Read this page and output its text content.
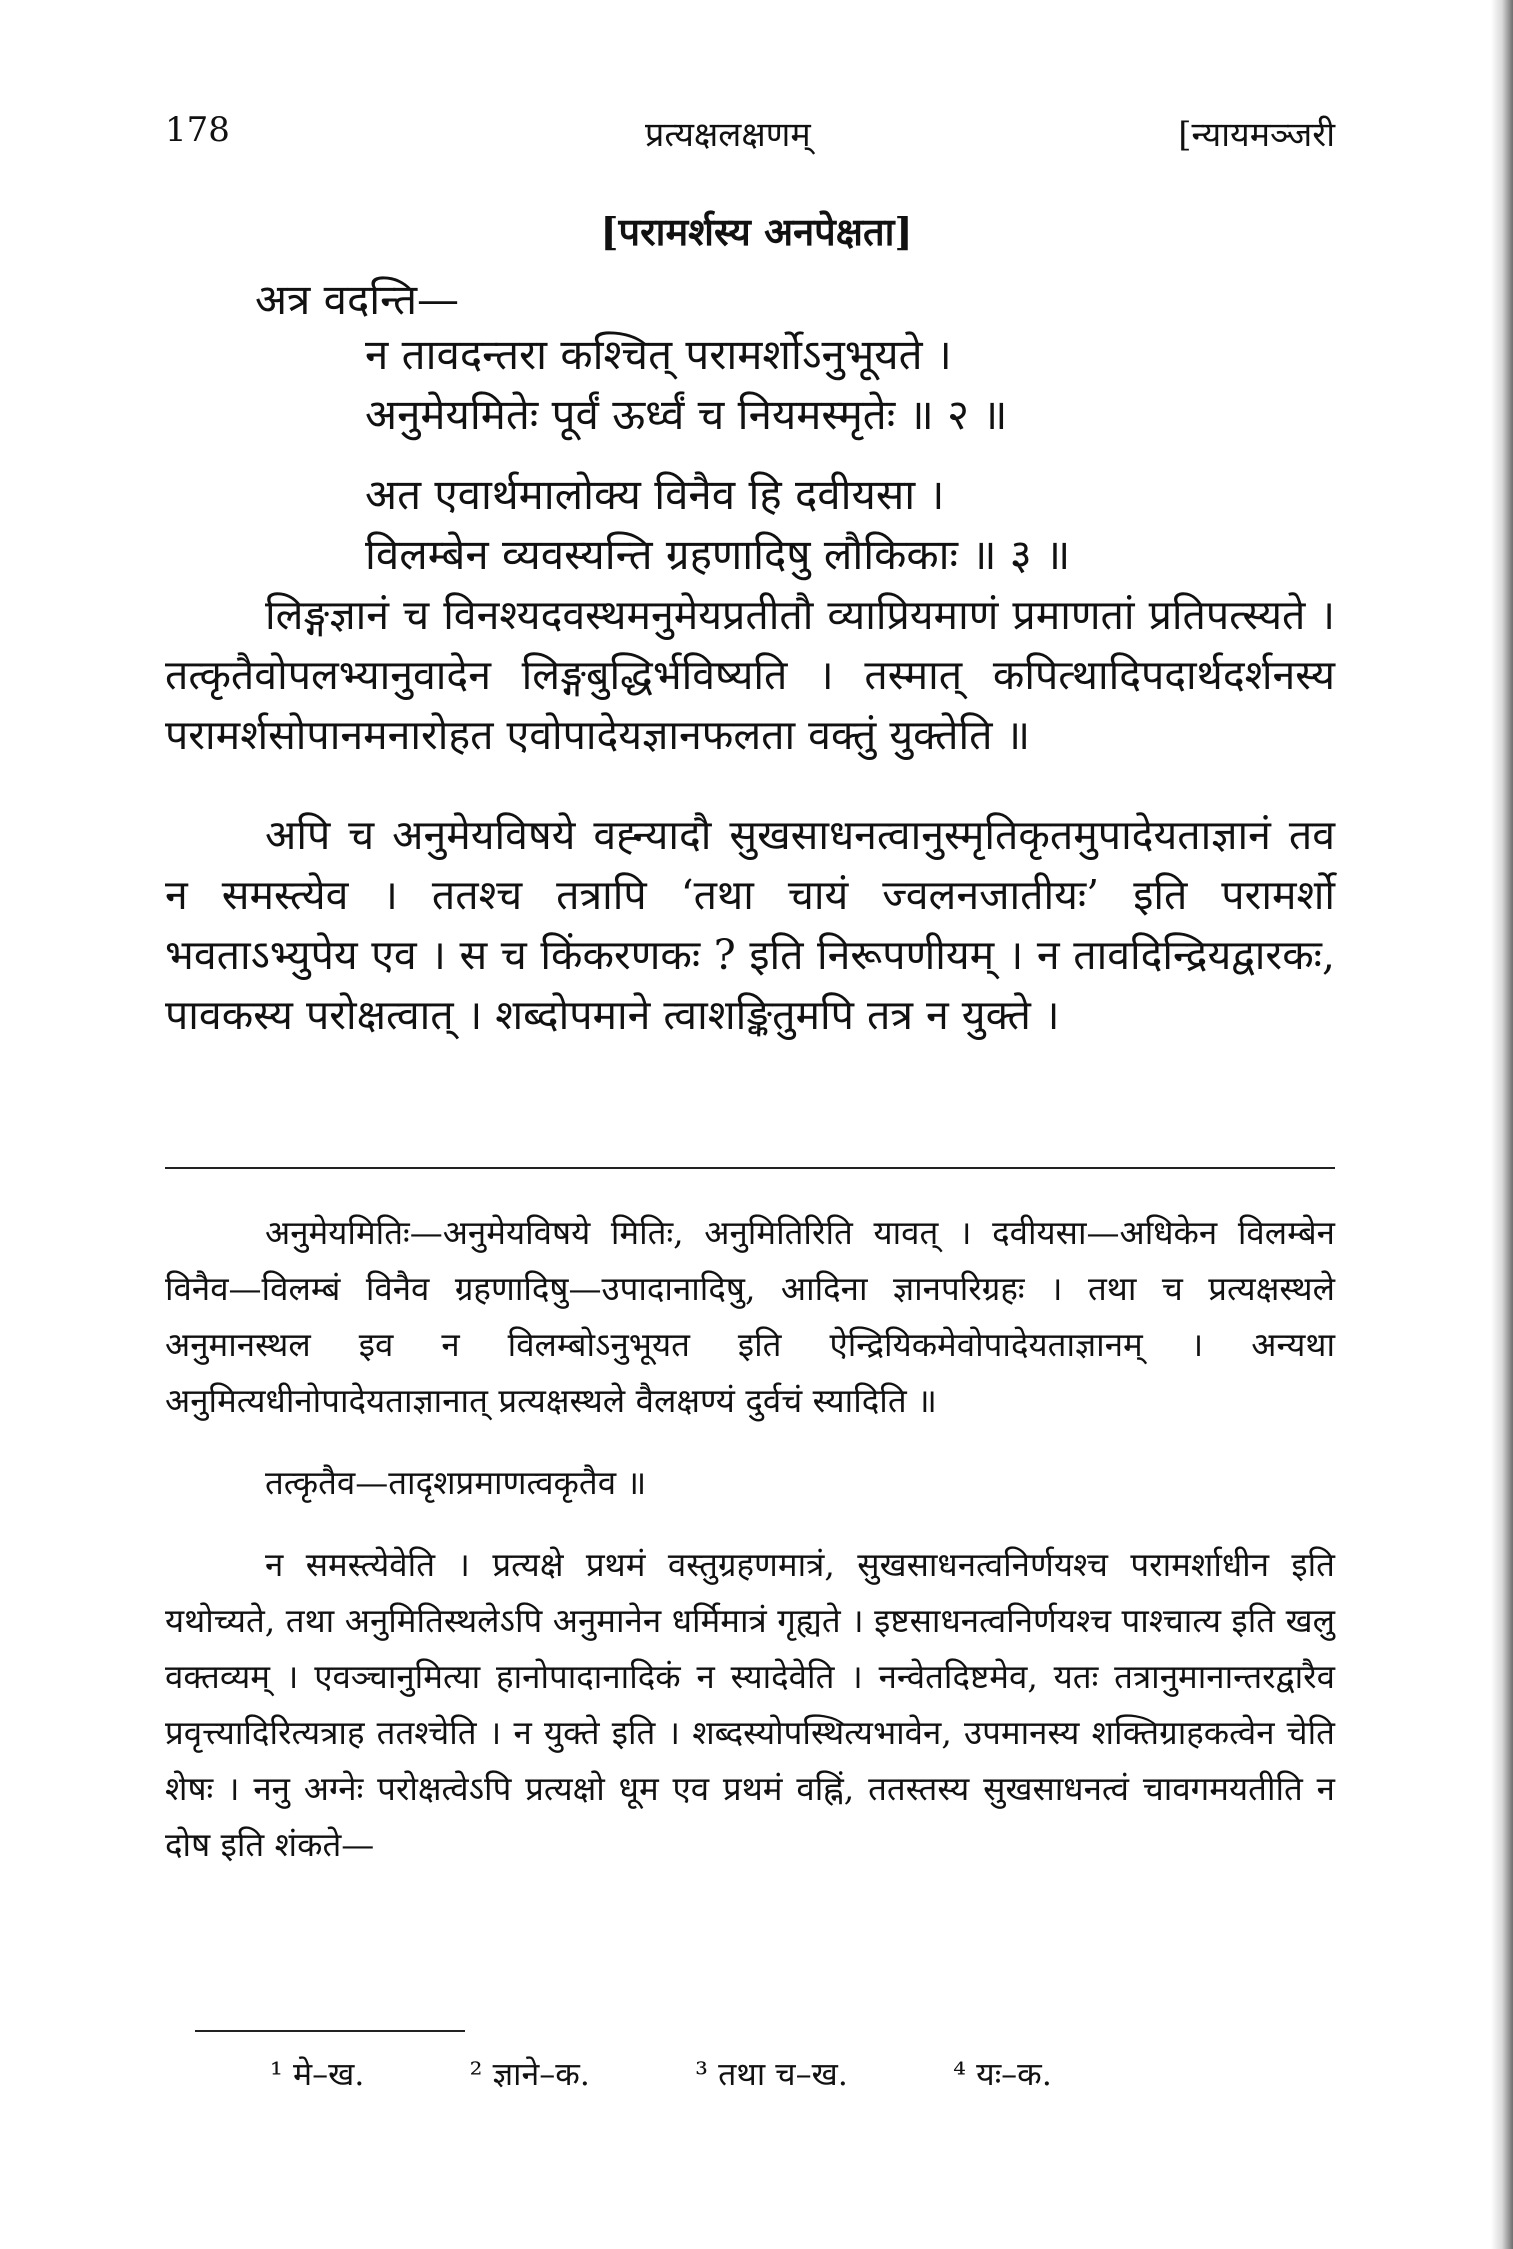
178	प्रत्यक्षलक्षणम्	[न्यायमञ्जरी
[परामर्शस्य अनपेक्षता]
अत्र वदन्ति—
न तावदन्तरा कश्चित् परामर्शोऽनुभूयते ।
अनुमेयमितेः पूर्वं ऊर्ध्वं च नियमस्मृतेः ॥ २ ॥
अत एवार्थमालोक्य विनैव हि दवीयसा ।
विलम्बेन व्यवस्यन्ति ग्रहणादिषु लौकिकाः ॥ ३ ॥

लिङ्गज्ञानं च विनश्यदवस्थमनुमेयप्रतीतौ व्याप्रियमाणं प्रमाणतां प्रतिपत्स्यते । तत्कृतैवोपलभ्यानुवादेन लिङ्गबुद्धिर्भविष्यति । तस्मात् कपित्थादिपदार्थदर्शनस्य परामर्शसोपानमनारोहत एवोपादेयज्ञानफलता वक्तुं युक्तेति ॥

अपि च अनुमेयविषये वह्न्यादौ सुखसाधनत्वानुस्मृतिकृतमुपादेयताज्ञानं तव न समस्त्येव । ततश्च तत्रापि ‘तथा चायं ज्वलनजातीयः’ इति परामर्शो भवताऽभ्युपेय एव । स च किंकरणकः ? इति निरूपणीयम् । न तावदिन्द्रियद्वारकः, पावकस्य परोक्षत्वात् । शब्दोपमाने त्वाशङ्कितुमपि तत्र न युक्ते ।

अनुमेयमितिः—अनुमेयविषये मितिः, अनुमितिरिति यावत् । दवीयसा—अधिकेन विलम्बेन विनैव—विलम्बं विनैव ग्रहणादिषु—उपादानादिषु, आदिना ज्ञानपरिग्रहः । तथा च प्रत्यक्षस्थले अनुमानस्थल इव न विलम्बोऽनुभूयत इति ऐन्द्रियिकमेवोपादेयताज्ञानम् । अन्यथा अनुमित्यधीनोपादेयताज्ञानात् प्रत्यक्षस्थले वैलक्षण्यं दुर्वचं स्यादिति ॥

तत्कृतैव—तादृशप्रमाणत्वकृतैव ॥

न समस्त्येवेति । प्रत्यक्षे प्रथमं वस्तुग्रहणमात्रं, सुखसाधनत्वनिर्णयश्च परामर्शाधीन इति यथोच्यते, तथा अनुमितिस्थलेऽपि अनुमानेन धर्मिमात्रं गृह्यते । इष्टसाधनत्वनिर्णयश्च पाश्चात्य इति खलु वक्तव्यम् । एवञ्चानुमित्या हानोपादानादिकं न स्यादेवेति । नन्वेतदिष्टमेव, यतः तत्रानुमानान्तरद्वारैव प्रवृत्त्यादिरित्यत्राह ततश्चेति । न युक्ते इति । शब्दस्योपस्थित्यभावेन, उपमानस्य शक्तिग्राहकत्वेन चेति शेषः । ननु अग्नेः परोक्षत्वेऽपि प्रत्यक्षो धूम एव प्रथमं वह्निं, ततस्तस्य सुखसाधनत्वं चावगमयतीति न दोष इति शंकते—

¹ मे–ख.	² ज्ञाने–क.	³ तथा च–ख.	⁴ यः–क.
